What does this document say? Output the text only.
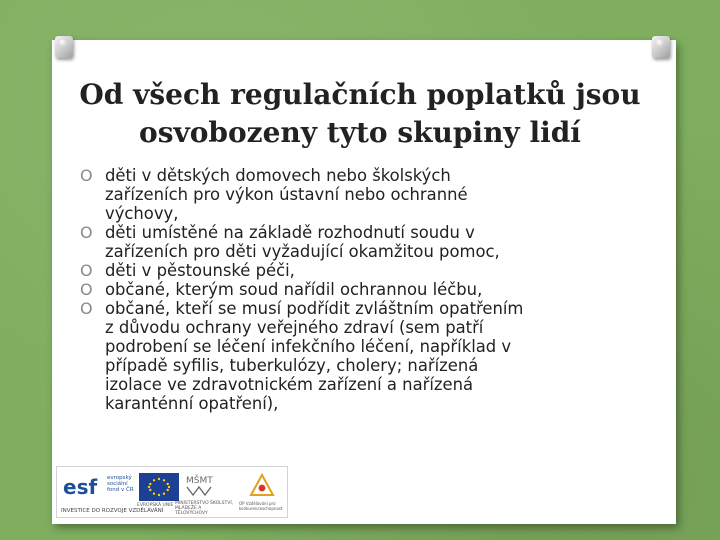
Od všech regulačních poplatků jsou
osvobozeny tyto skupiny lidí
O děti v dětských domovech nebo školských
zařízeních pro výkon ústavní nebo ochranné
výchovy,
O děti umístěné na základě rozhodnutí soudu v
zařízeních pro děti vyžadující okamžitou pomoc,
O děti v pěstounské péči,
O občané, kterým soud nařídil ochrannou léčbu,
O občané, kteří se musí podřídit zvláštním opatřením
z důvodu ochrany veřejného zdraví (sem patří
podrobení se léčení infekčního léčení, například v
případě syfilis, tuberkulózy, cholery; nařízená
izolace ve zdravotnickém zařízení a nařízená
karanténní opatření),
esf evropský
sociální
fond v ČR
EVROPSKÁ UNIE
MŠMT
MINISTERSTVO ŠKOLSTVÍ, MLÁDEŽE A TĚLOVÝCHOVY
OP Vzdělávání pro konkurenceschopnost
INVESTICE DO ROZVOJE VZDĚLÁVÁNÍ
